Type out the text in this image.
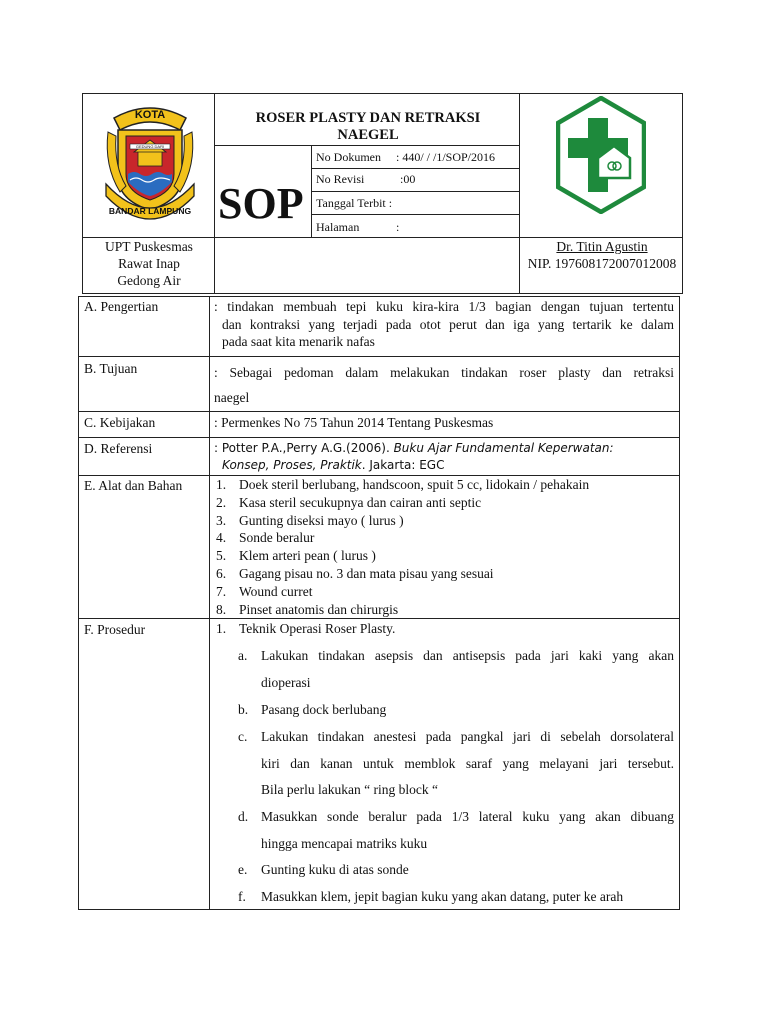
KOTA
GEDUNG DARI
BANDAR LAMPUNG
ROSER PLASTY DAN RETRAKSI
NAEGEL
SOP
No Dokumen : 440/ / /1/SOP/2016
No Revisi	:00
Tanggal Terbit :
Halaman	:
UPT Puskesmas
Rawat Inap
Gedong Air
Dr. Titin Agustin
NIP. 197608172007012008
A. Pengertian	: tindakan membuah tepi kuku kira-kira 1/3 bagian dengan tujuan tertentu
dan kontraksi yang terjadi pada otot perut dan iga yang tertarik ke dalam
pada saat kita menarik nafas
B. Tujuan	: Sebagai pedoman dalam melakukan tindakan roser plasty dan retraksi
naegel
C. Kebijakan	: Permenkes No 75 Tahun 2014 Tentang Puskesmas
D. Referensi	: Potter P.A.,Perry A.G.(2006). Buku Ajar Fundamental Keperwatan:
Konsep, Proses, Praktik. Jakarta: EGC
E. Alat dan Bahan	1. Doek steril berlubang, handscoon, spuit 5 cc, lidokain / pehakain
2. Kasa steril secukupnya dan cairan anti septic
3. Gunting diseksi mayo ( lurus )
4. Sonde beralur
5. Klem arteri pean ( lurus )
6. Gagang pisau no. 3 dan mata pisau yang sesuai
7. Wound curret
8. Pinset anatomis dan chirurgis
F. Prosedur	1. Teknik Operasi Roser Plasty.
a.	Lakukan tindakan asepsis dan antisepsis pada jari kaki yang akan
dioperasi
b. Pasang dock berlubang
c.	Lakukan tindakan anestesi pada pangkal jari di sebelah dorsolateral
kiri dan kanan untuk memblok saraf yang melayani jari tersebut.
Bila perlu lakukan “ ring block “
d. Masukkan sonde beralur pada 1/3 lateral kuku yang akan dibuang
hingga mencapai matriks kuku
e.	Gunting kuku di atas sonde
f.	Masukkan klem, jepit bagian kuku yang akan datang, puter ke arah
